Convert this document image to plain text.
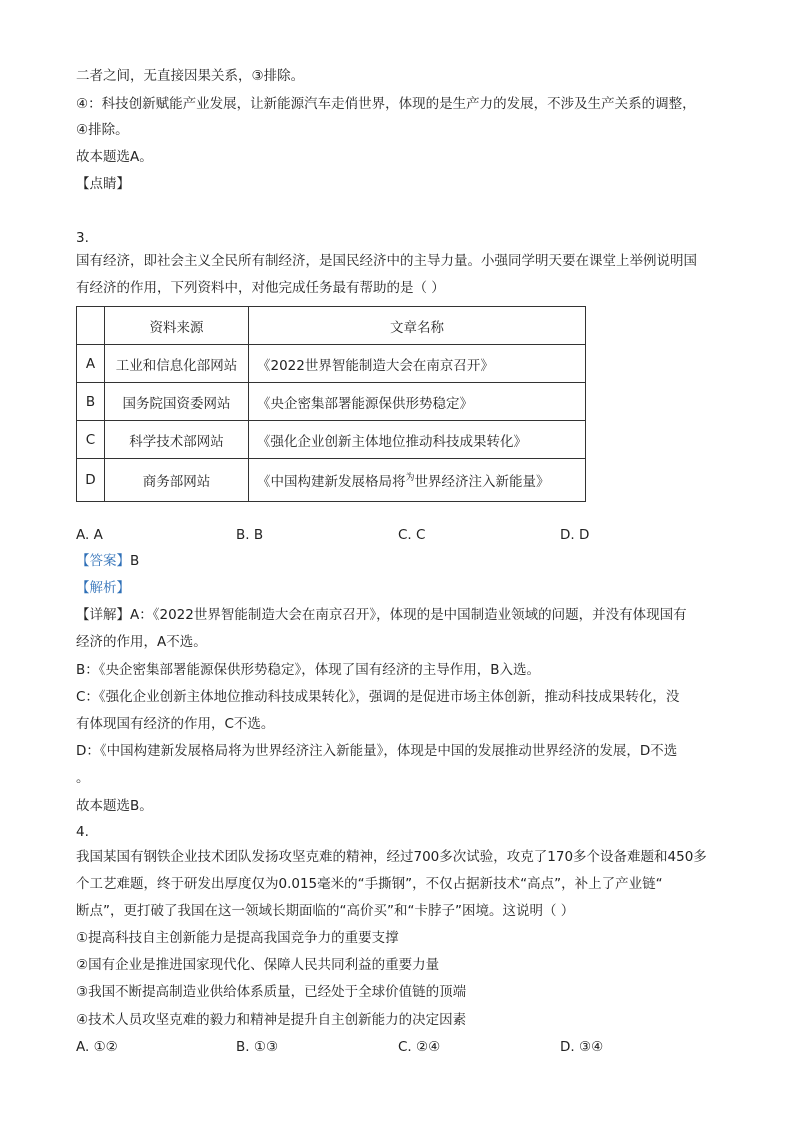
二者之间，无直接因果关系，③排除。
④：科技创新赋能产业发展，让新能源汽车走俏世界，体现的是生产力的发展，不涉及生产关系的调整，
④排除。
故本题选A。
【点睛】
3.
国有经济，即社会主义全民所有制经济，是国民经济中的主导力量。小强同学明天要在课堂上举例说明国
有经济的作用，下列资料中，对他完成任务最有帮助的是（ ）
	资料来源	文章名称
A	工业和信息化部网站	《2022世界智能制造大会在南京召开》
B	国务院国资委网站	《央企密集部署能源保供形势稳定》
C	科学技术部网站	《强化企业创新主体地位推动科技成果转化》
D	商务部网站	《中国构建新发展格局将$^为$世界经济注入新能量》
A. A	B. B	C. C	D. D
【答案】B
【解析】
【详解】A：《2022世界智能制造大会在南京召开》，体现的是中国制造业领域的问题，并没有体现国有
经济的作用，A不选。
B：《央企密集部署能源保供形势稳定》，体现了国有经济的主导作用，B入选。
C：《强化企业创新主体地位推动科技成果转化》，强调的是促进市场主体创新，推动科技成果转化，没
有体现国有经济的作用，C不选。
D：《中国构建新发展格局将为世界经济注入新能量》，体现是中国的发展推动世界经济的发展，D不选
。
故本题选B。
4.
我国某国有钢铁企业技术团队发扬攻坚克难的精神，经过700多次试验，攻克了170多个设备难题和450多
个工艺难题，终于研发出厚度仅为0.015毫米的“手撕钢”，不仅占据新技术“高点”，补上了产业链“
断点”，更打破了我国在这一领域长期面临的“高价买”和“卡脖子”困境。这说明（ ）
①提高科技自主创新能力是提高我国竞争力的重要支撑
②国有企业是推进国家现代化、保障人民共同利益的重要力量
③我国不断提高制造业供给体系质量，已经处于全球价值链的顶端
④技术人员攻坚克难的毅力和精神是提升自主创新能力的决定因素
A. ①②	B. ①③	C. ②④	D. ③④
